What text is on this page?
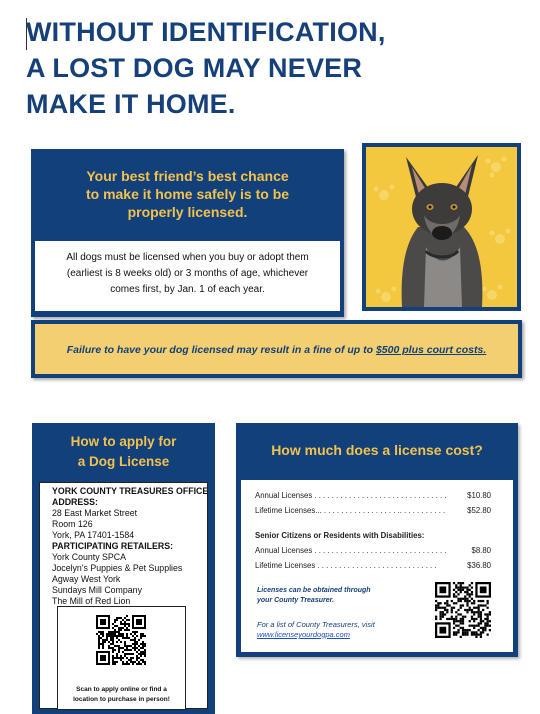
WITHOUT IDENTIFICATION,
A LOST DOG MAY NEVER
MAKE IT HOME.
Your best friend’s best chance
to make it home safely is to be
properly licensed.
All dogs must be licensed when you buy or adopt them
(earliest is 8 weeks old) or 3 months of age, whichever
comes first, by Jan. 1 of each year.
Failure to have your dog licensed may result in a fine of up to $500 plus court costs.
How to apply for
a Dog License
YORK COUNTY TREASURES OFFICE
ADDRESS:
28 East Market Street
Room 126
York, PA 17401-1584
PARTICIPATING RETAILERS:
York County SPCA
Jocelyn's Puppies & Pet Supplies
Agway West York
Sundays Mill Company
The Mill of Red Lion
Scan to apply online or find a
location to purchase in person!
How much does a license cost?
Annual Licenses . . . . . . . . . . . . . . . . . . . . . . . . . . . . . . .	$10.80
Lifetime Licenses... . . . . . . . . . . . . . . . . . .. . . . . . . . . . .	$52.80
Senior Citizens or Residents with Disabilities:
Annual Licenses . . . . . . . . . . . . . . . . . . . . . . . . . . . . . . .	$8.80
Lifetime Licenses . . . . . . . . . . . . . . . . . . . . . . . . . . . .	$36.80
Licenses can be obtained through
your County Treasurer.
For a list of County Treasurers, visit
www.licenseyourdogpa.com
